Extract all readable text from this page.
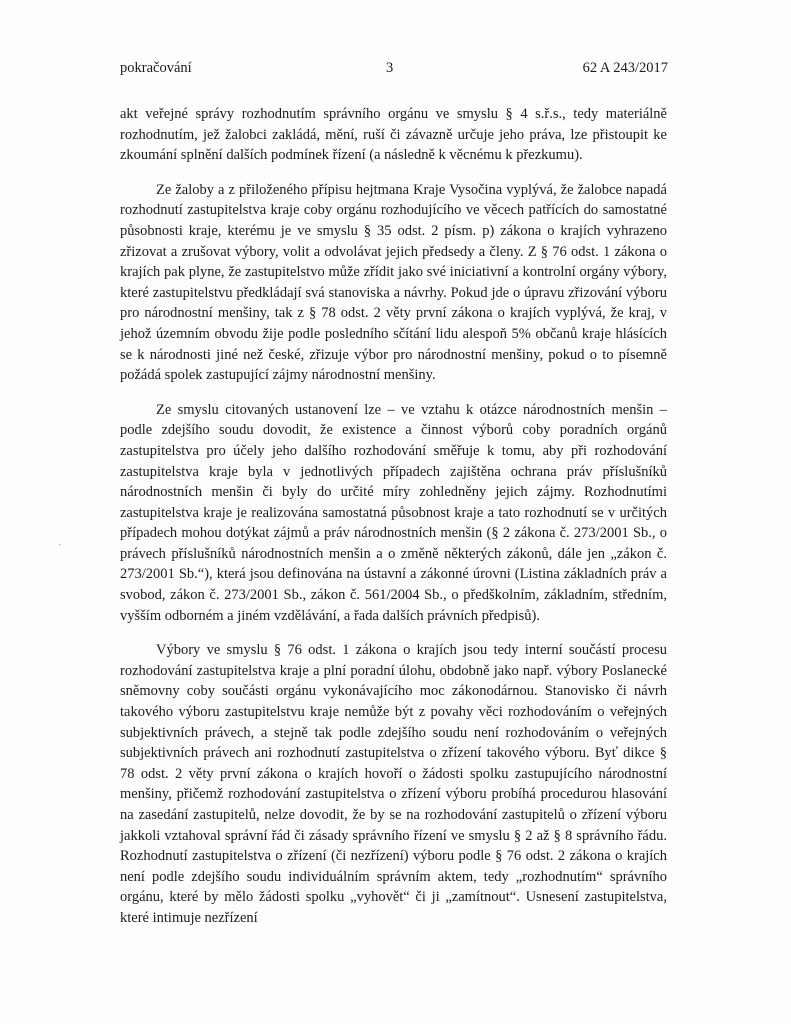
pokračování	3	62 A 243/2017

akt veřejné správy rozhodnutím správního orgánu ve smyslu § 4 s.ř.s., tedy materiálně rozhodnutím, jež žalobci zakládá, mění, ruší či závazně určuje jeho práva, lze přistoupit ke zkoumání splnění dalších podmínek řízení (a následně k věcnému k přezkumu).

Ze žaloby a z přiloženého přípisu hejtmana Kraje Vysočina vyplývá, že žalobce napadá rozhodnutí zastupitelstva kraje coby orgánu rozhodujícího ve věcech patřících do samostatné působnosti kraje, kterému je ve smyslu § 35 odst. 2 písm. p) zákona o krajích vyhrazeno zřizovat a zrušovat výbory, volit a odvolávat jejich předsedy a členy. Z § 76 odst. 1 zákona o krajích pak plyne, že zastupitelstvo může zřídit jako své iniciativní a kontrolní orgány výbory, které zastupitelstvu předkládají svá stanoviska a návrhy. Pokud jde o úpravu zřizování výboru pro národnostní menšiny, tak z § 78 odst. 2 věty první zákona o krajích vyplývá, že kraj, v jehož územním obvodu žije podle posledního sčítání lidu alespoň 5% občanů kraje hlásících se k národnosti jiné než české, zřizuje výbor pro národnostní menšiny, pokud o to písemně požádá spolek zastupující zájmy národnostní menšiny.

Ze smyslu citovaných ustanovení lze – ve vztahu k otázce národnostních menšin – podle zdejšího soudu dovodit, že existence a činnost výborů coby poradních orgánů zastupitelstva pro účely jeho dalšího rozhodování směřuje k tomu, aby při rozhodování zastupitelstva kraje byla v jednotlivých případech zajištěna ochrana práv příslušníků národnostních menšin či byly do určité míry zohledněny jejich zájmy. Rozhodnutími zastupitelstva kraje je realizována samostatná působnost kraje a tato rozhodnutí se v určitých případech mohou dotýkat zájmů a práv národnostních menšin (§ 2 zákona č. 273/2001 Sb., o právech příslušníků národnostních menšin a o změně některých zákonů, dále jen „zákon č. 273/2001 Sb.“), která jsou definována na ústavní a zákonné úrovni (Listina základních práv a svobod, zákon č. 273/2001 Sb., zákon č. 561/2004 Sb., o předškolním, základním, středním, vyšším odborném a jiném vzdělávání, a řada dalších právních předpisů).

Výbory ve smyslu § 76 odst. 1 zákona o krajích jsou tedy interní součástí procesu rozhodování zastupitelstva kraje a plní poradní úlohu, obdobně jako např. výbory Poslanecké sněmovny coby součásti orgánu vykonávajícího moc zákonodárnou. Stanovisko či návrh takového výboru zastupitelstvu kraje nemůže být z povahy věci rozhodováním o veřejných subjektivních právech, a stejně tak podle zdejšího soudu není rozhodováním o veřejných subjektivních právech ani rozhodnutí zastupitelstva o zřízení takového výboru. Byť dikce § 78 odst. 2 věty první zákona o krajích hovoří o žádosti spolku zastupujícího národnostní menšiny, přičemž rozhodování zastupitelstva o zřízení výboru probíhá procedurou hlasování na zasedání zastupitelů, nelze dovodit, že by se na rozhodování zastupitelů o zřízení výboru jakkoli vztahoval správní řád či zásady správního řízení ve smyslu § 2 až § 8 správního řádu. Rozhodnutí zastupitelstva o zřízení (či nezřízení) výboru podle § 76 odst. 2 zákona o krajích není podle zdejšího soudu individuálním správním aktem, tedy „rozhodnutím“ správního orgánu, které by mělo žádosti spolku „vyhovět“ či ji „zamítnout“. Usnesení zastupitelstva, které intimuje nezřízení

ˎ
